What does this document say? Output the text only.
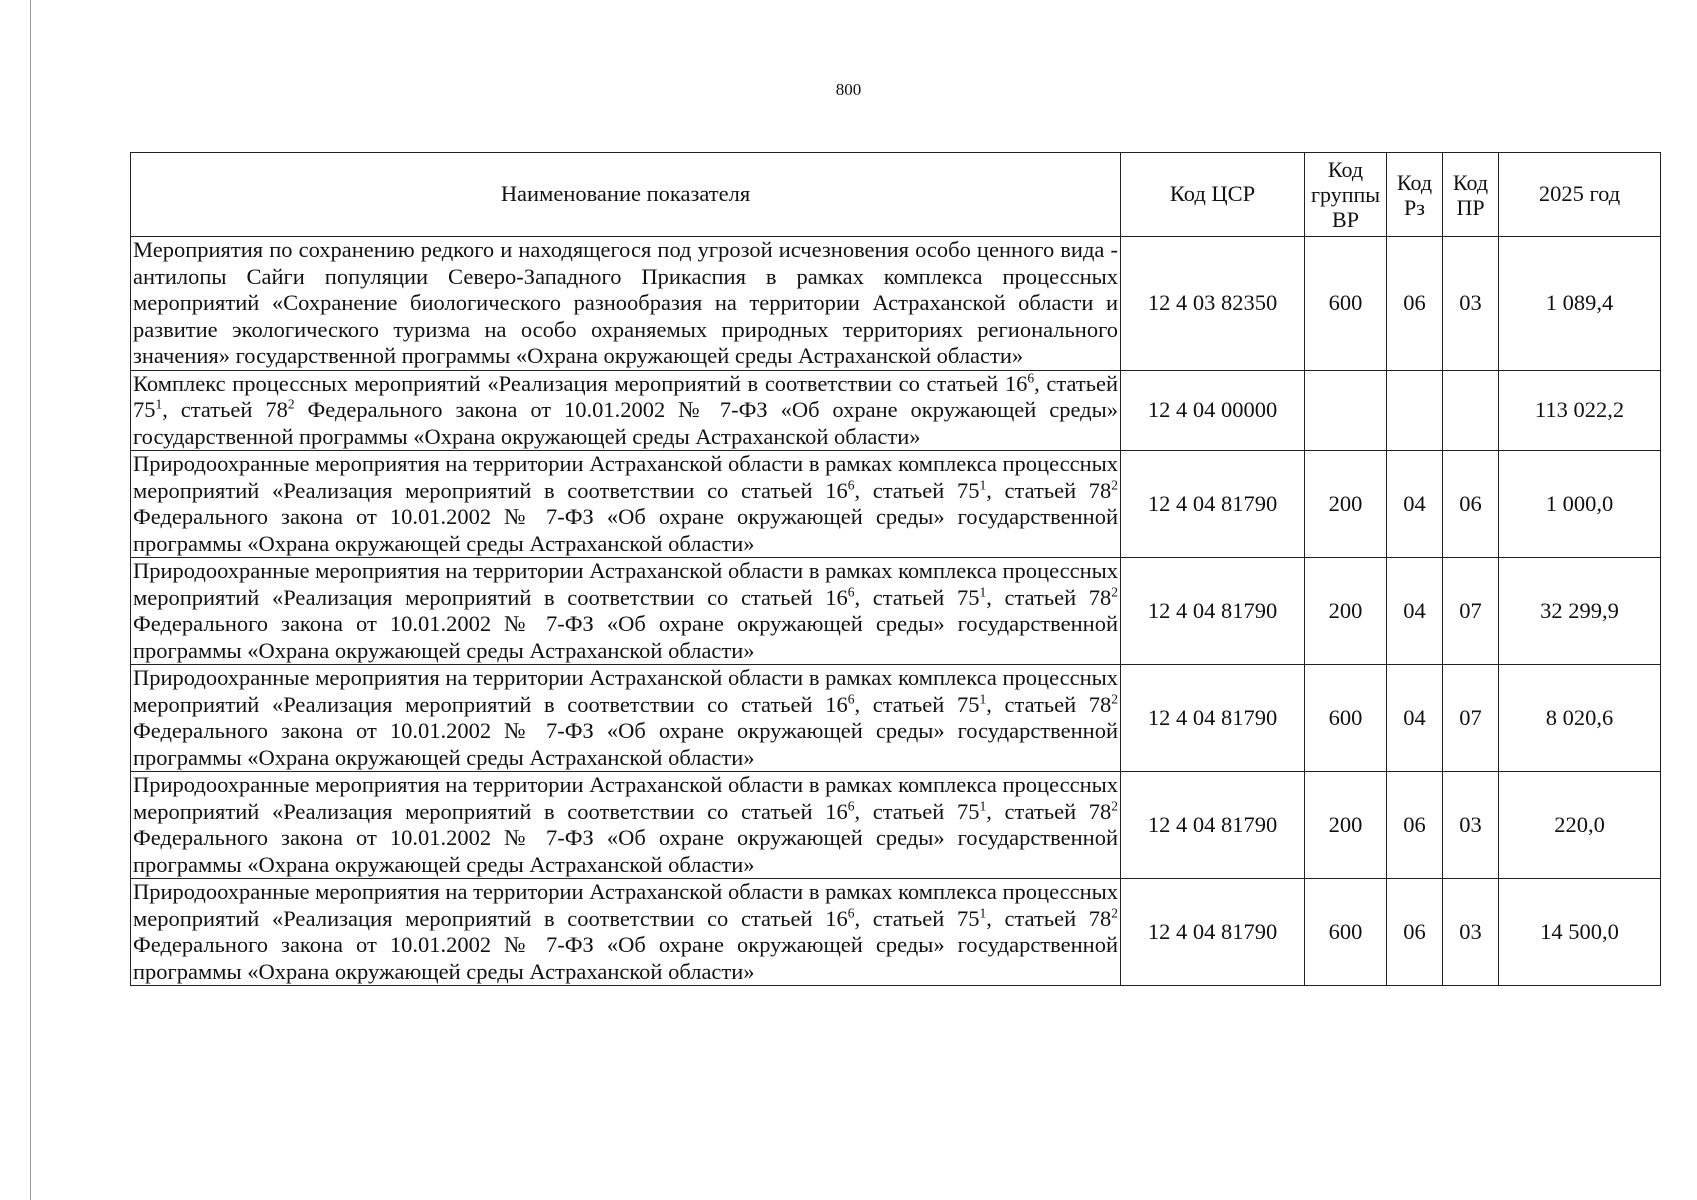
800
Наименование показателя	Код ЦСР	Код группы ВР	Код Рз	Код ПР	2025 год
Мероприятия по сохранению редкого и находящегося под угрозой исчезновения особо ценного вида - антилопы Сайги популяции Северо-Западного Прикаспия в рамках комплекса процессных мероприятий «Сохранение биологического разнообразия на территории Астраханской области и развитие экологического туризма на особо охраняемых природных территориях регионального значения» государственной программы «Охрана окружающей среды Астраханской области»	12 4 03 82350	600	06	03	1 089,4
Комплекс процессных мероприятий «Реализация мероприятий в соответствии со статьей $16^6$, статьей $75^1$, статьей $78^2$ Федерального закона от 10.01.2002 № 7-ФЗ «Об охране окружающей среды» государственной программы «Охрана окружающей среды Астраханской области»	12 4 04 00000				113 022,2
Природоохранные мероприятия на территории Астраханской области в рамках комплекса процессных мероприятий «Реализация мероприятий в соответствии со статьей $16^6$, статьей $75^1$, статьей $78^2$ Федерального закона от 10.01.2002 № 7-ФЗ «Об охране окружающей среды» государственной программы «Охрана окружающей среды Астраханской области»	12 4 04 81790	200	04	06	1 000,0
Природоохранные мероприятия на территории Астраханской области в рамках комплекса процессных мероприятий «Реализация мероприятий в соответствии со статьей $16^6$, статьей $75^1$, статьей $78^2$ Федерального закона от 10.01.2002 № 7-ФЗ «Об охране окружающей среды» государственной программы «Охрана окружающей среды Астраханской области»	12 4 04 81790	200	04	07	32 299,9
Природоохранные мероприятия на территории Астраханской области в рамках комплекса процессных мероприятий «Реализация мероприятий в соответствии со статьей $16^6$, статьей $75^1$, статьей $78^2$ Федерального закона от 10.01.2002 № 7-ФЗ «Об охране окружающей среды» государственной программы «Охрана окружающей среды Астраханской области»	12 4 04 81790	600	04	07	8 020,6
Природоохранные мероприятия на территории Астраханской области в рамках комплекса процессных мероприятий «Реализация мероприятий в соответствии со статьей $16^6$, статьей $75^1$, статьей $78^2$ Федерального закона от 10.01.2002 № 7-ФЗ «Об охране окружающей среды» государственной программы «Охрана окружающей среды Астраханской области»	12 4 04 81790	200	06	03	220,0
Природоохранные мероприятия на территории Астраханской области в рамках комплекса процессных мероприятий «Реализация мероприятий в соответствии со статьей $16^6$, статьей $75^1$, статьей $78^2$ Федерального закона от 10.01.2002 № 7-ФЗ «Об охране окружающей среды» государственной программы «Охрана окружающей среды Астраханской области»	12 4 04 81790	600	06	03	14 500,0
